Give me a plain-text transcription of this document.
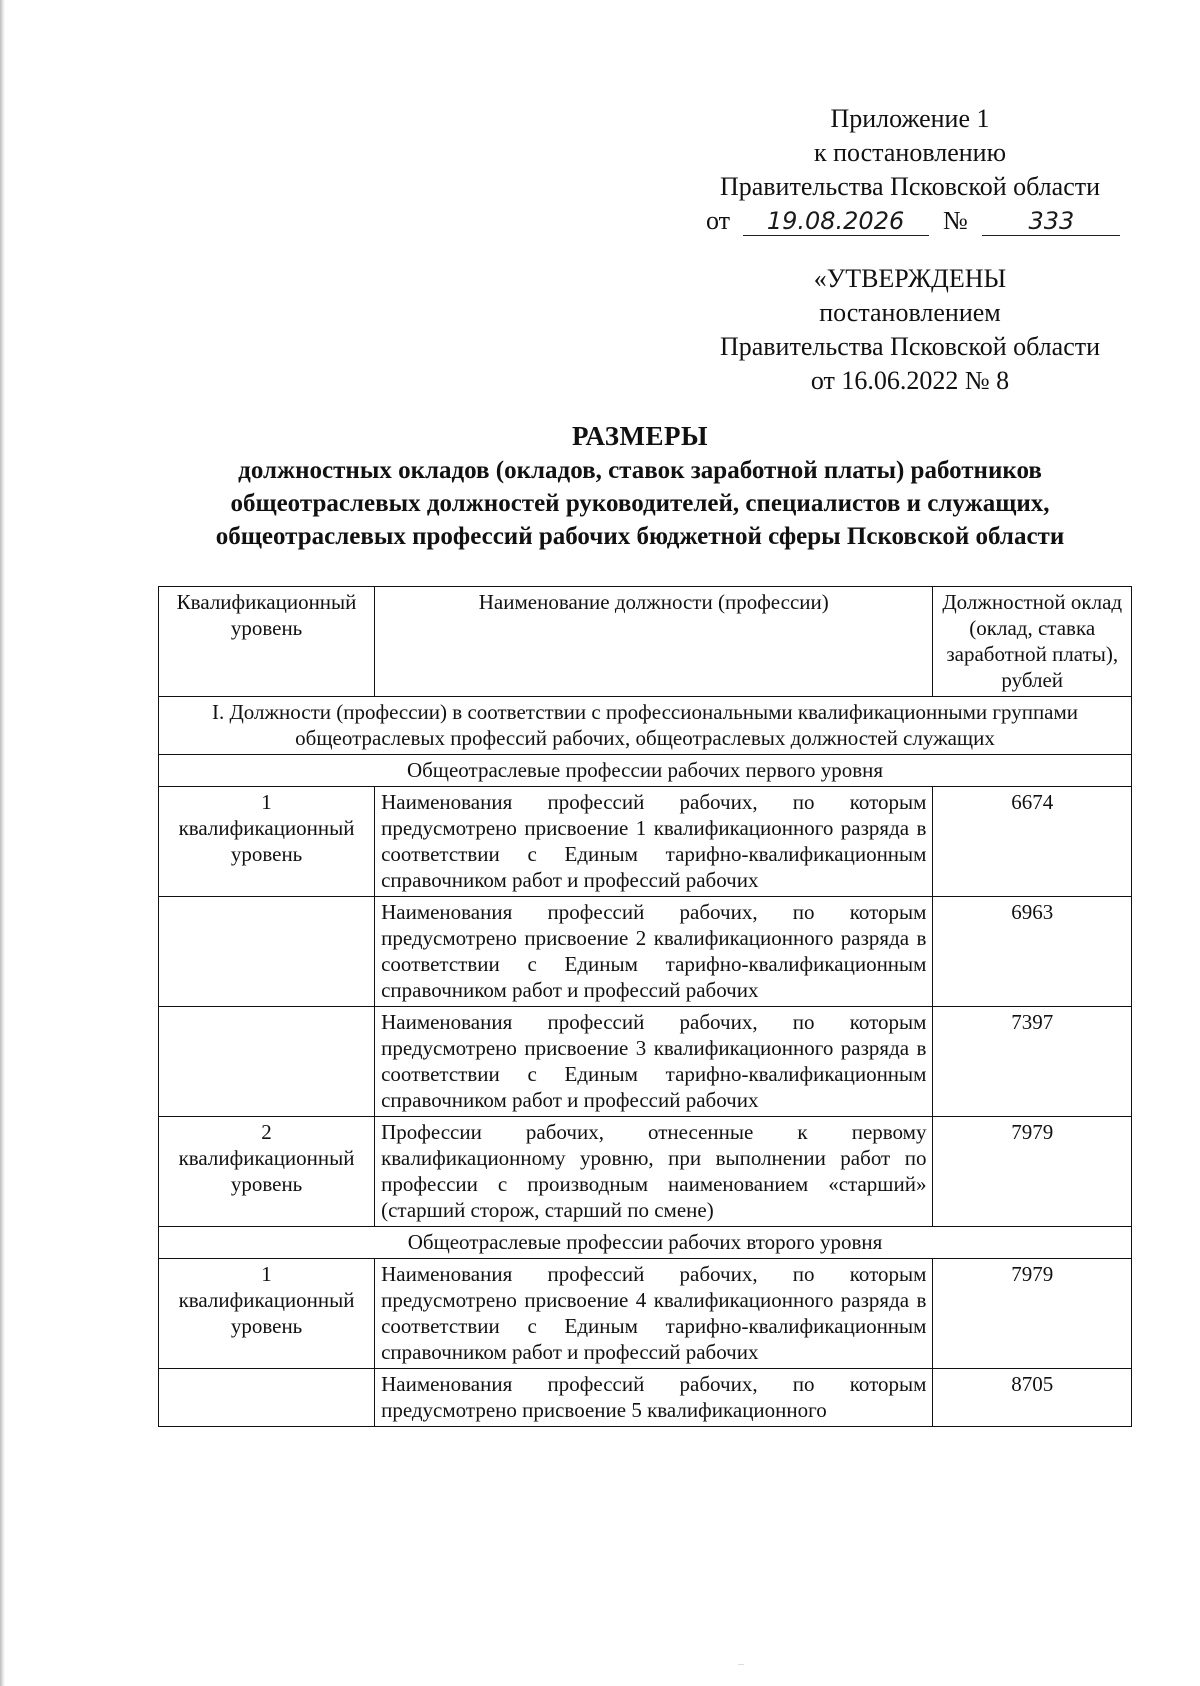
Приложение 1
к постановлению
Правительства Псковской области
от 19.08.2026 №	333
«УТВЕРЖДЕНЫ
постановлением
Правительства Псковской области
от 16.06.2022 № 8
РАЗМЕРЫ
должностных окладов (окладов, ставок заработной платы) работников общеотраслевых должностей руководителей, специалистов и служащих, общеотраслевых профессий рабочих бюджетной сферы Псковской области
Квалификационный уровень	Наименование должности (профессии)	Должностной оклад (оклад, ставка заработной платы), рублей
I. Должности (профессии) в соответствии с профессиональными квалификационными группами общеотраслевых профессий рабочих, общеотраслевых должностей служащих		
Общеотраслевые профессии рабочих первого уровня		

1
квалификационный уровень	Наименования профессий рабочих, по которым предусмотрено присвоение 1 квалификационного разряда в соответствии с Единым тарифно-квалификационным справочником работ и профессий рабочих	6674

	Наименования профессий рабочих, по которым предусмотрено присвоение 2 квалификационного разряда в соответствии с Единым тарифно-квалификационным справочником работ и профессий рабочих	6963

	Наименования профессий рабочих, по которым предусмотрено присвоение 3 квалификационного разряда в соответствии с Единым тарифно-квалификационным справочником работ и профессий рабочих	7397

2
квалификационный уровень	Профессии рабочих, отнесенные к первому квалификационному уровню, при выполнении работ по профессии с производным наименованием «старший» (старший сторож, старший по смене)	7979
Общеотраслевые профессии рабочих второго уровня		

1
квалификационный уровень	Наименования профессий рабочих, по которым предусмотрено присвоение 4 квалификационного разряда в соответствии с Единым тарифно-квалификационным справочником работ и профессий рабочих	7979

	Наименования профессий рабочих, по которым предусмотрено присвоение 5 квалификационного	8705
